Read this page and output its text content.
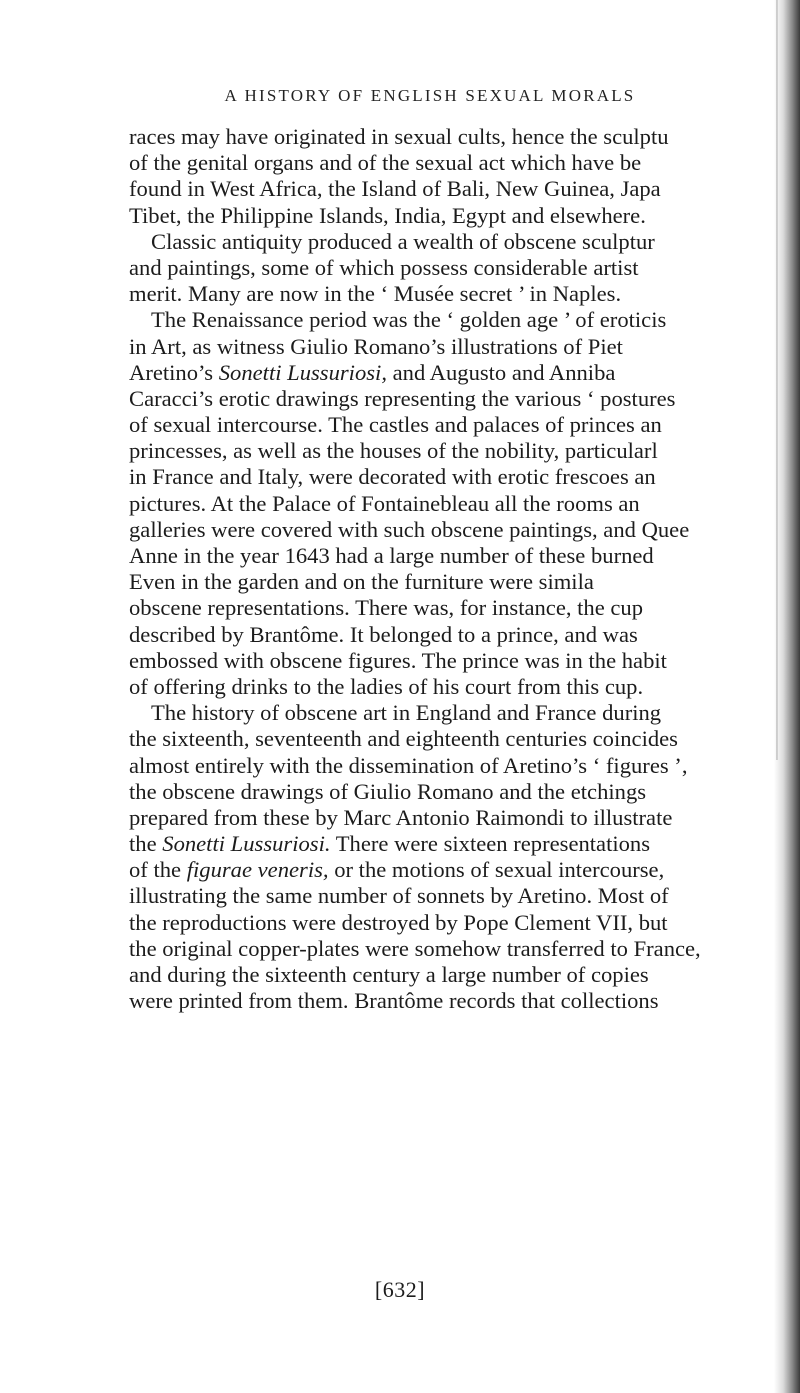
A HISTORY OF ENGLISH SEXUAL MORALS
races may have originated in sexual cults, hence the sculptu
of the genital organs and of the sexual act which have be
found in West Africa, the Island of Bali, New Guinea, Japa
Tibet, the Philippine Islands, India, Egypt and elsewhere.
Classic antiquity produced a wealth of obscene sculptur
and paintings, some of which possess considerable artist
merit. Many are now in the ‘ Musée secret ’ in Naples.
The Renaissance period was the ‘ golden age ’ of eroticis
in Art, as witness Giulio Romano’s illustrations of Piet
Aretino’s Sonetti Lussuriosi, and Augusto and Anniba
Caracci’s erotic drawings representing the various ‘ postures
of sexual intercourse. The castles and palaces of princes an
princesses, as well as the houses of the nobility, particularl
in France and Italy, were decorated with erotic frescoes an
pictures. At the Palace of Fontainebleau all the rooms an
galleries were covered with such obscene paintings, and Quee
Anne in the year 1643 had a large number of these burned
Even in the garden and on the furniture were simila
obscene representations. There was, for instance, the cup
described by Brantôme. It belonged to a prince, and was
embossed with obscene figures. The prince was in the habit
of offering drinks to the ladies of his court from this cup.
The history of obscene art in England and France during
the sixteenth, seventeenth and eighteenth centuries coincides
almost entirely with the dissemination of Aretino’s ‘ figures ’,
the obscene drawings of Giulio Romano and the etchings
prepared from these by Marc Antonio Raimondi to illustrate
the Sonetti Lussuriosi. There were sixteen representations
of the figurae veneris, or the motions of sexual intercourse,
illustrating the same number of sonnets by Aretino. Most of
the reproductions were destroyed by Pope Clement VII, but
the original copper-plates were somehow transferred to France,
and during the sixteenth century a large number of copies
were printed from them. Brantôme records that collections
[632]
